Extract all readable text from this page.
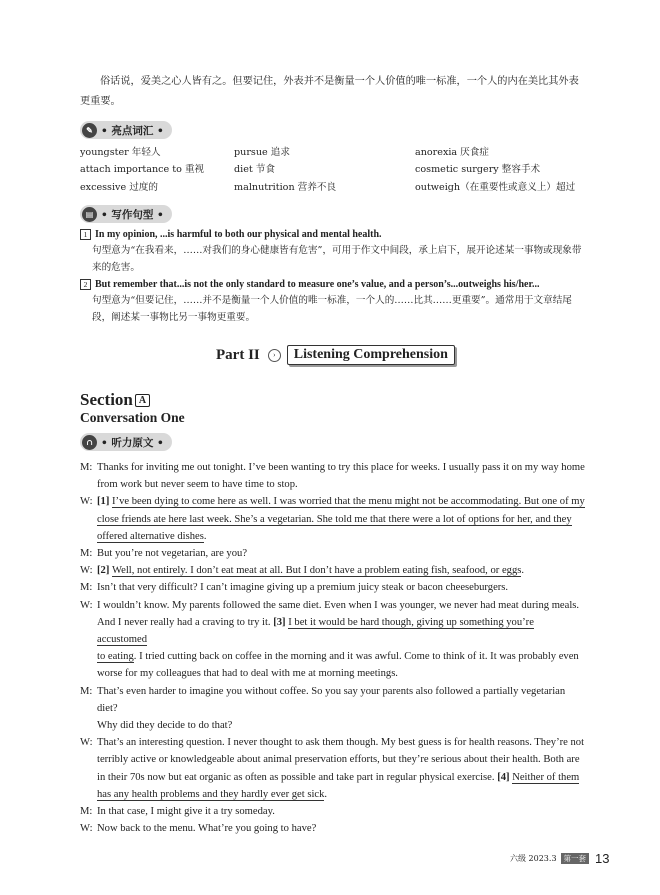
俗话说，爱美之心人皆有之。但要记住，外表并不是衡量一个人价值的唯一标准，一个人的内在美比其外表更重要。
✎ • 亮点词汇 •
youngster 年轻人	pursue 追求	anorexia 厌食症
attach importance to 重视	diet 节食	cosmetic surgery 整容手术
excessive 过度的	malnutrition 营养不良	outweigh（在重要性或意义上）超过
▤ • 写作句型 •
1 In my opinion, ...is harmful to both our physical and mental health.
句型意为“在我看来，……对我们的身心健康皆有危害”，可用于作文中间段，承上启下，展开论述某一事物或现象带来的危害。
2 But remember that...is not the only standard to measure one’s value, and a person’s...outweighs his/her...
句型意为“但要记住，……并不是衡量一个人价值的唯一标准，一个人的……比其……更重要”。通常用于文章结尾段，阐述某一事物比另一事物更重要。
Part II	›	Listening Comprehension
Section A
Conversation One
∩ • 听力原文 •
M: Thanks for inviting me out tonight. I’ve been wanting to try this place for weeks. I usually pass it on my way home
from work but never seem to have time to stop.
W: [1] I’ve been dying to come here as well. I was worried that the menu might not be accommodating. But one of my
close friends ate here last week. She’s a vegetarian. She told me that there were a lot of options for her, and they
offered alternative dishes.
M: But you’re not vegetarian, are you?
W: [2] Well, not entirely. I don’t eat meat at all. But I don’t have a problem eating fish, seafood, or eggs.
M: Isn’t that very difficult? I can’t imagine giving up a premium juicy steak or bacon cheeseburgers.
W: I wouldn’t know. My parents followed the same diet. Even when I was younger, we never had meat during meals.
And I never really had a craving to try it. [3] I bet it would be hard though, giving up something you’re accustomed
to eating. I tried cutting back on coffee in the morning and it was awful. Come to think of it. It was probably even
worse for my colleagues that had to deal with me at morning meetings.
M: That’s even harder to imagine you without coffee. So you say your parents also followed a partially vegetarian diet?
Why did they decide to do that?
W: That’s an interesting question. I never thought to ask them though. My best guess is for health reasons. They’re not
terribly active or knowledgeable about animal preservation efforts, but they’re serious about their health. Both are
in their 70s now but eat organic as often as possible and take part in regular physical exercise. [4] Neither of them
has any health problems and they hardly ever get sick.
M: In that case, I might give it a try someday.
W: Now back to the menu. What’re you going to have?
六级 2023.3 第一套 13
